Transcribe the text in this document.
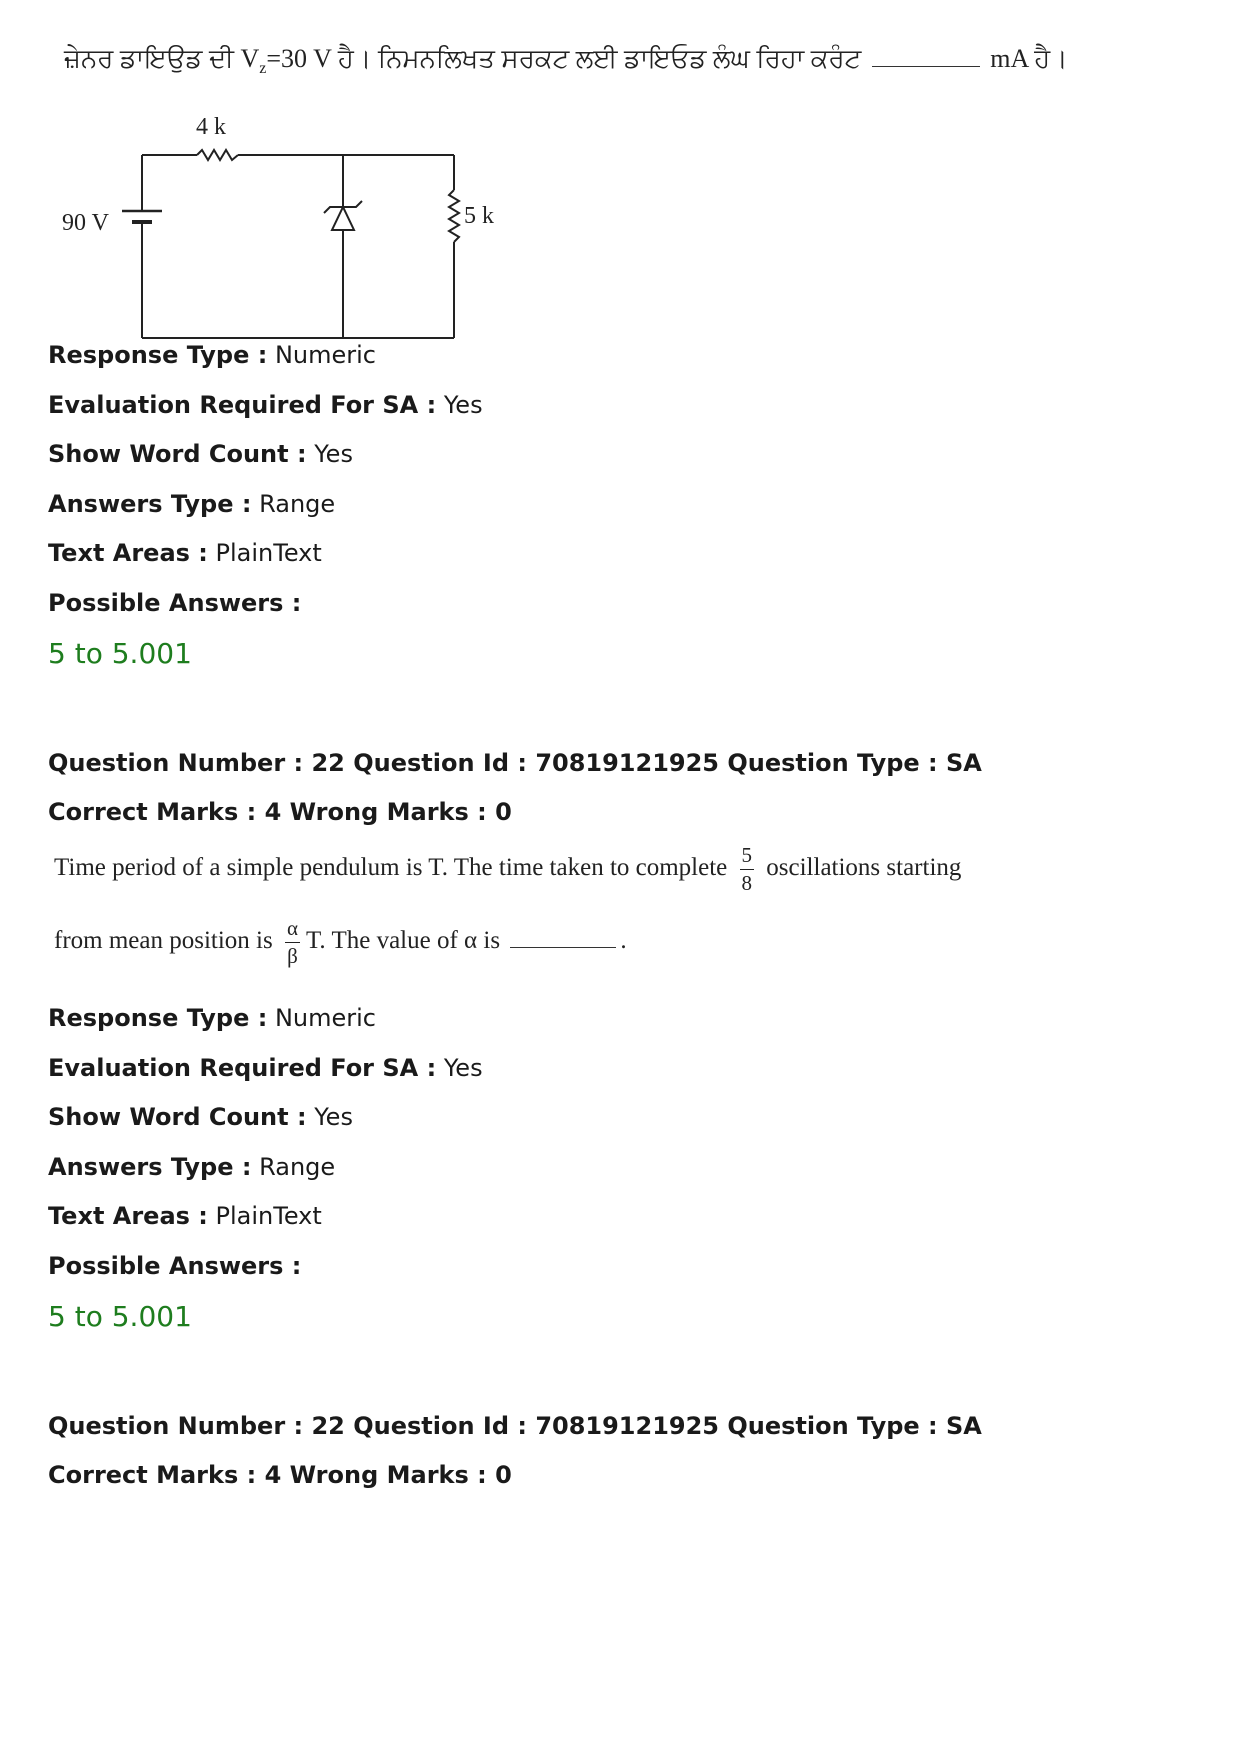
ਜ਼ੇਨਰ ਡਾਇਉਡ ਦੀ $V_z=30$ V ਹੈ। ਨਿਮਨਲਿਖਤ ਸਰਕਟ ਲਈ ਡਾਇਓਡ ਲੰਘ ਰਿਹਾ ਕਰੰਟ	mA ਹੈ।
4 k
90 V	5 k
Response Type : Numeric
Evaluation Required For SA : Yes
Show Word Count : Yes
Answers Type : Range
Text Areas : PlainText
Possible Answers :
5 to 5.001
Question Number : 22 Question Id : 70819121925 Question Type : SA
Correct Marks : 4 Wrong Marks : 0
Time period of a simple pendulum is T. The time taken to complete $\frac{5}{8}$ oscillations starting
from mean position is $\frac{\alpha}{\beta} T$. The value of α is	.
Response Type : Numeric
Evaluation Required For SA : Yes
Show Word Count : Yes
Answers Type : Range
Text Areas : PlainText
Possible Answers :
5 to 5.001
Question Number : 22 Question Id : 70819121925 Question Type : SA
Correct Marks : 4 Wrong Marks : 0
